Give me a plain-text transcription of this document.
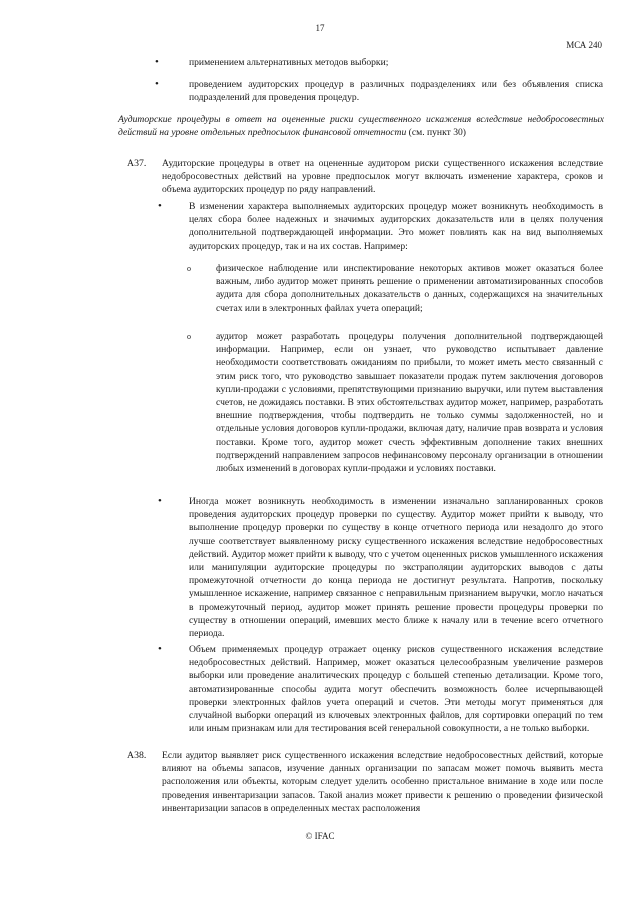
17
МСА 240
•	применением альтернативных методов выборки;
•	проведением аудиторских процедур в различных подразделениях или без объявления списка подразделений для проведения процедур.
Аудиторские процедуры в ответ на оцененные риски существенного искажения вследствие недобросовестных действий на уровне отдельных предпосылок финансовой отчетности (см. пункт 30)
A37. Аудиторские процедуры в ответ на оцененные аудитором риски существенного искажения вследствие недобросовестных действий на уровне предпосылок могут включать изменение характера, сроков и объема аудиторских процедур по ряду направлений.
•	В изменении характера выполняемых аудиторских процедур может возникнуть необходимость в целях сбора более надежных и значимых аудиторских доказательств или в целях получения дополнительной подтверждающей информации. Это может повлиять как на вид выполняемых аудиторских процедур, так и на их состав. Например:
o	физическое наблюдение или инспектирование некоторых активов может оказаться более важным, либо аудитор может принять решение о применении автоматизированных способов аудита для сбора дополнительных доказательств о данных, содержащихся на значительных счетах или в электронных файлах учета операций;
o	аудитор может разработать процедуры получения дополнительной подтверждающей информации. Например, если он узнает, что руководство испытывает давление необходимости соответствовать ожиданиям по прибыли, то может иметь место связанный с этим риск того, что руководство завышает показатели продаж путем заключения договоров купли-продажи с условиями, препятствующими признанию выручки, или путем выставления счетов, не дожидаясь поставки. В этих обстоятельствах аудитор может, например, разработать внешние подтверждения, чтобы подтвердить не только суммы задолженностей, но и отдельные условия договоров купли-продажи, включая дату, наличие прав возврата и условия поставки. Кроме того, аудитор может счесть эффективным дополнение таких внешних подтверждений направлением запросов нефинансовому персоналу организации в отношении любых изменений в договорах купли-продажи и условиях поставки.
•	Иногда может возникнуть необходимость в изменении изначально запланированных сроков проведения аудиторских процедур проверки по существу. Аудитор может прийти к выводу, что выполнение процедур проверки по существу в конце отчетного периода или незадолго до этого лучше соответствует выявленному риску существенного искажения вследствие недобросовестных действий. Аудитор может прийти к выводу, что с учетом оцененных рисков умышленного искажения или манипуляции аудиторские процедуры по экстраполяции аудиторских выводов с даты промежуточной отчетности до конца периода не достигнут результата. Напротив, поскольку умышленное искажение, например связанное с неправильным признанием выручки, могло начаться в промежуточный период, аудитор может принять решение провести процедуры проверки по существу в отношении операций, имевших место ближе к началу или в течение всего отчетного периода.
•	Объем применяемых процедур отражает оценку рисков существенного искажения вследствие недобросовестных действий. Например, может оказаться целесообразным увеличение размеров выборки или проведение аналитических процедур с большей степенью детализации. Кроме того, автоматизированные способы аудита могут обеспечить возможность более исчерпывающей проверки электронных файлов учета операций и счетов. Эти методы могут применяться для случайной выборки операций из ключевых электронных файлов, для сортировки операций по тем или иным признакам или для тестирования всей генеральной совокупности, а не только выборки.
A38. Если аудитор выявляет риск существенного искажения вследствие недобросовестных действий, которые влияют на объемы запасов, изучение данных организации по запасам может помочь выявить места расположения или объекты, которым следует уделить особенно пристальное внимание в ходе или после проведения инвентаризации запасов. Такой анализ может привести к решению о проведении физической инвентаризации запасов в определенных местах расположения
© IFAC
